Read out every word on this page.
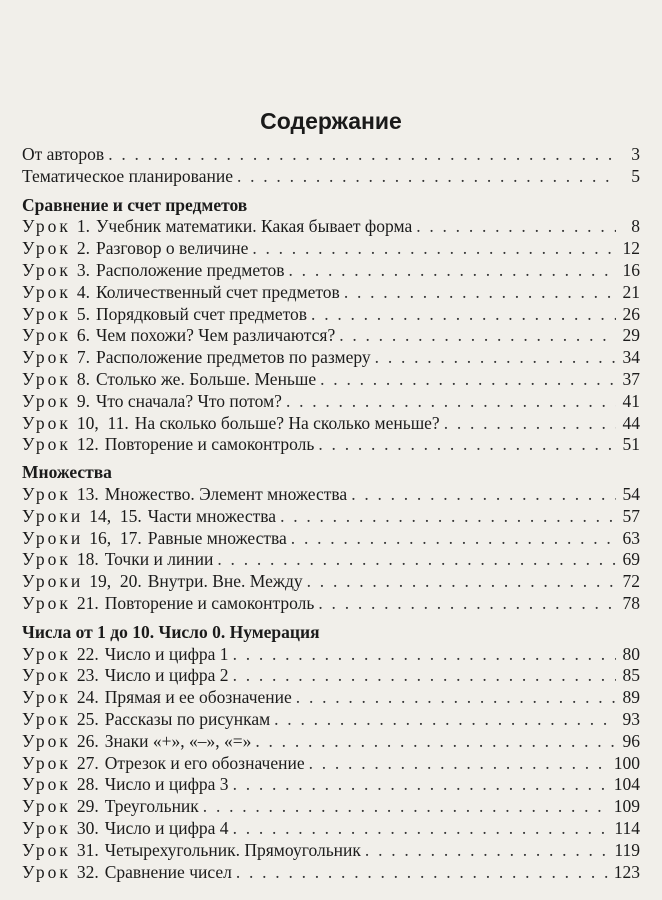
Содержание
От авторов . . .	3
Тематическое планирование . . .	5
Сравнение и счет предметов
Урок 1. Учебник математики. Какая бывает форма . . .	8
Урок 2. Разговор о величине . . .	12
Урок 3. Расположение предметов . . .	16
Урок 4. Количественный счет предметов . . .	21
Урок 5. Порядковый счет предметов . . .	26
Урок 6. Чем похожи? Чем различаются? . . .	29
Урок 7. Расположение предметов по размеру . . .	34
Урок 8. Столько же. Больше. Меньше . . .	37
Урок 9. Что сначала? Что потом? . . .	41
Урок 10,  11. На сколько больше? На сколько меньше? . . .	44
Урок 12. Повторение и самоконтроль . . .	51
Множества
Урок 13. Множество. Элемент множества . . .	54
Уроки 14,  15. Части множества . . .	57
Уроки 16,  17. Равные множества . . .	63
Урок 18. Точки и линии . . .	69
Уроки 19,  20. Внутри. Вне. Между . . .	72
Урок 21. Повторение и самоконтроль . . .	78
Числа от 1 до 10. Число 0. Нумерация
Урок 22. Число и цифра 1 . . .	80
Урок 23. Число и цифра 2 . . .	85
Урок 24. Прямая и ее обозначение . . .	89
Урок 25. Рассказы по рисункам . . .	93
Урок 26. Знаки «+», «–», «=» . . .	96
Урок 27. Отрезок и его обозначение . . .	100
Урок 28. Число и цифра 3 . . .	104
Урок 29. Треугольник . . .	109
Урок 30. Число и цифра 4 . . .	114
Урок 31. Четырехугольник. Прямоугольник . . .	119
Урок 32. Сравнение чисел . . .	123
